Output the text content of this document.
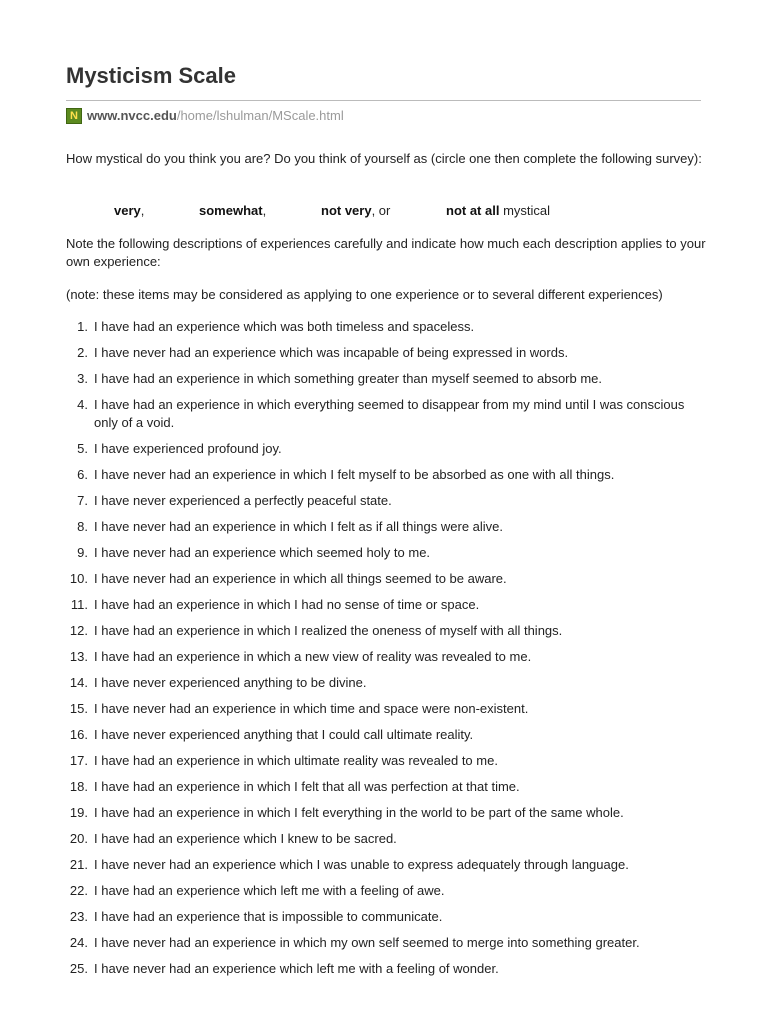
Mysticism Scale
N www.nvcc.edu /home/lshulman/MScale.html

How mystical do you think you are? Do you think of yourself as (circle one then complete the following survey):

very,	somewhat,	not very, or	not at all mystical

Note the following descriptions of experiences carefully and indicate how much each description applies to your own experience:

(note: these items may be considered as applying to one experience or to several different experiences)

1. I have had an experience which was both timeless and spaceless.
2. I have never had an experience which was incapable of being expressed in words.
3. I have had an experience in which something greater than myself seemed to absorb me.
4. I have had an experience in which everything seemed to disappear from my mind until I was conscious only of a void.
5. I have experienced profound joy.
6. I have never had an experience in which I felt myself to be absorbed as one with all things.
7. I have never experienced a perfectly peaceful state.
8. I have never had an experience in which I felt as if all things were alive.
9. I have never had an experience which seemed holy to me.
10. I have never had an experience in which all things seemed to be aware.
11. I have had an experience in which I had no sense of time or space.
12. I have had an experience in which I realized the oneness of myself with all things.
13. I have had an experience in which a new view of reality was revealed to me.
14. I have never experienced anything to be divine.
15. I have never had an experience in which time and space were non-existent.
16. I have never experienced anything that I could call ultimate reality.
17. I have had an experience in which ultimate reality was revealed to me.
18. I have had an experience in which I felt that all was perfection at that time.
19. I have had an experience in which I felt everything in the world to be part of the same whole.
20. I have had an experience which I knew to be sacred.
21. I have never had an experience which I was unable to express adequately through language.
22. I have had an experience which left me with a feeling of awe.
23. I have had an experience that is impossible to communicate.
24. I have never had an experience in which my own self seemed to merge into something greater.
25. I have never had an experience which left me with a feeling of wonder.
